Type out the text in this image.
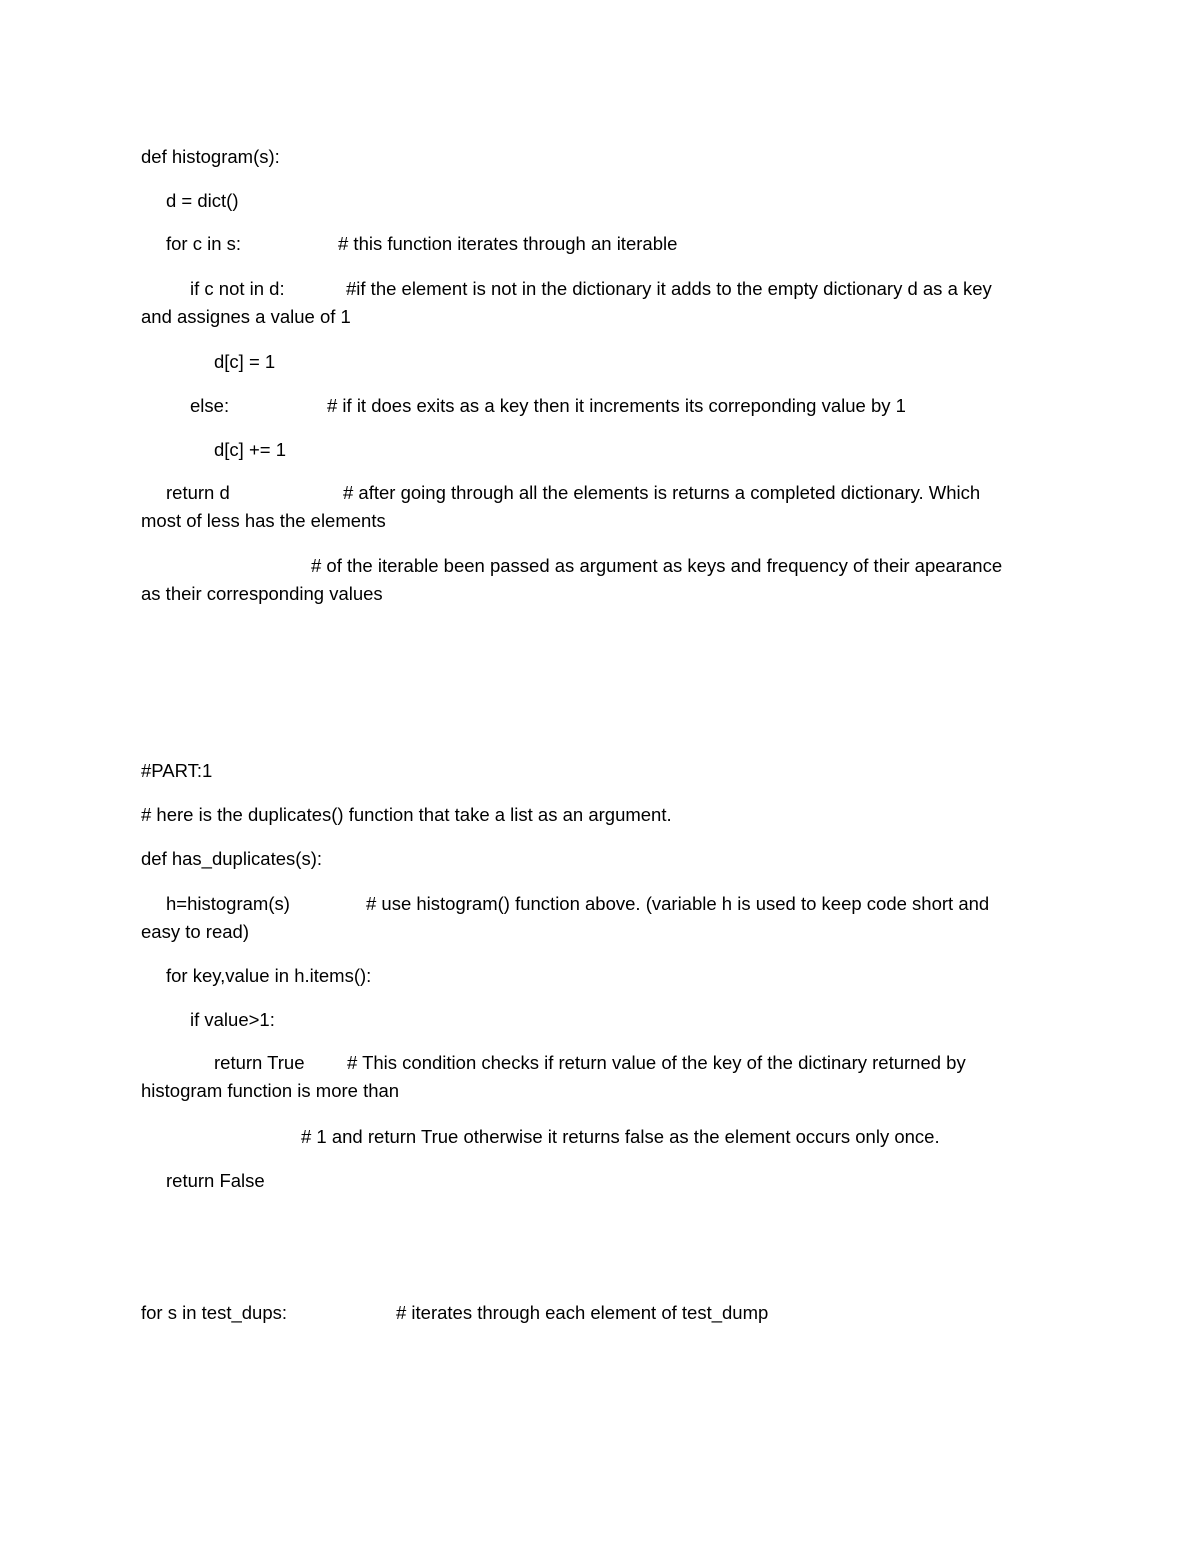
def histogram(s):
d = dict()
for c in s:	# this function iterates through an iterable
if c not in d:	#if the element is not in the dictionary it adds to the empty dictionary d as a key
and assignes a value of 1
d[c] = 1
else:	# if it does exits as a key then it increments its correponding value by 1
d[c] += 1
return d	# after going through all the elements is returns a completed dictionary. Which
most of less has the elements
# of the iterable been passed as argument as keys and frequency of their apearance
as their corresponding values
#PART:1
# here is the duplicates() function that take a list as an argument.
def has_duplicates(s):
h=histogram(s)	# use histogram() function above. (variable h is used to keep code short and
easy to read)
for key,value in h.items():
if value>1:
return True # This condition checks if return value of the key of the dictinary returned by
histogram function is more than
# 1 and return True otherwise it returns false as the element occurs only once.
return False
for s in test_dups:	# iterates through each element of test_dump
